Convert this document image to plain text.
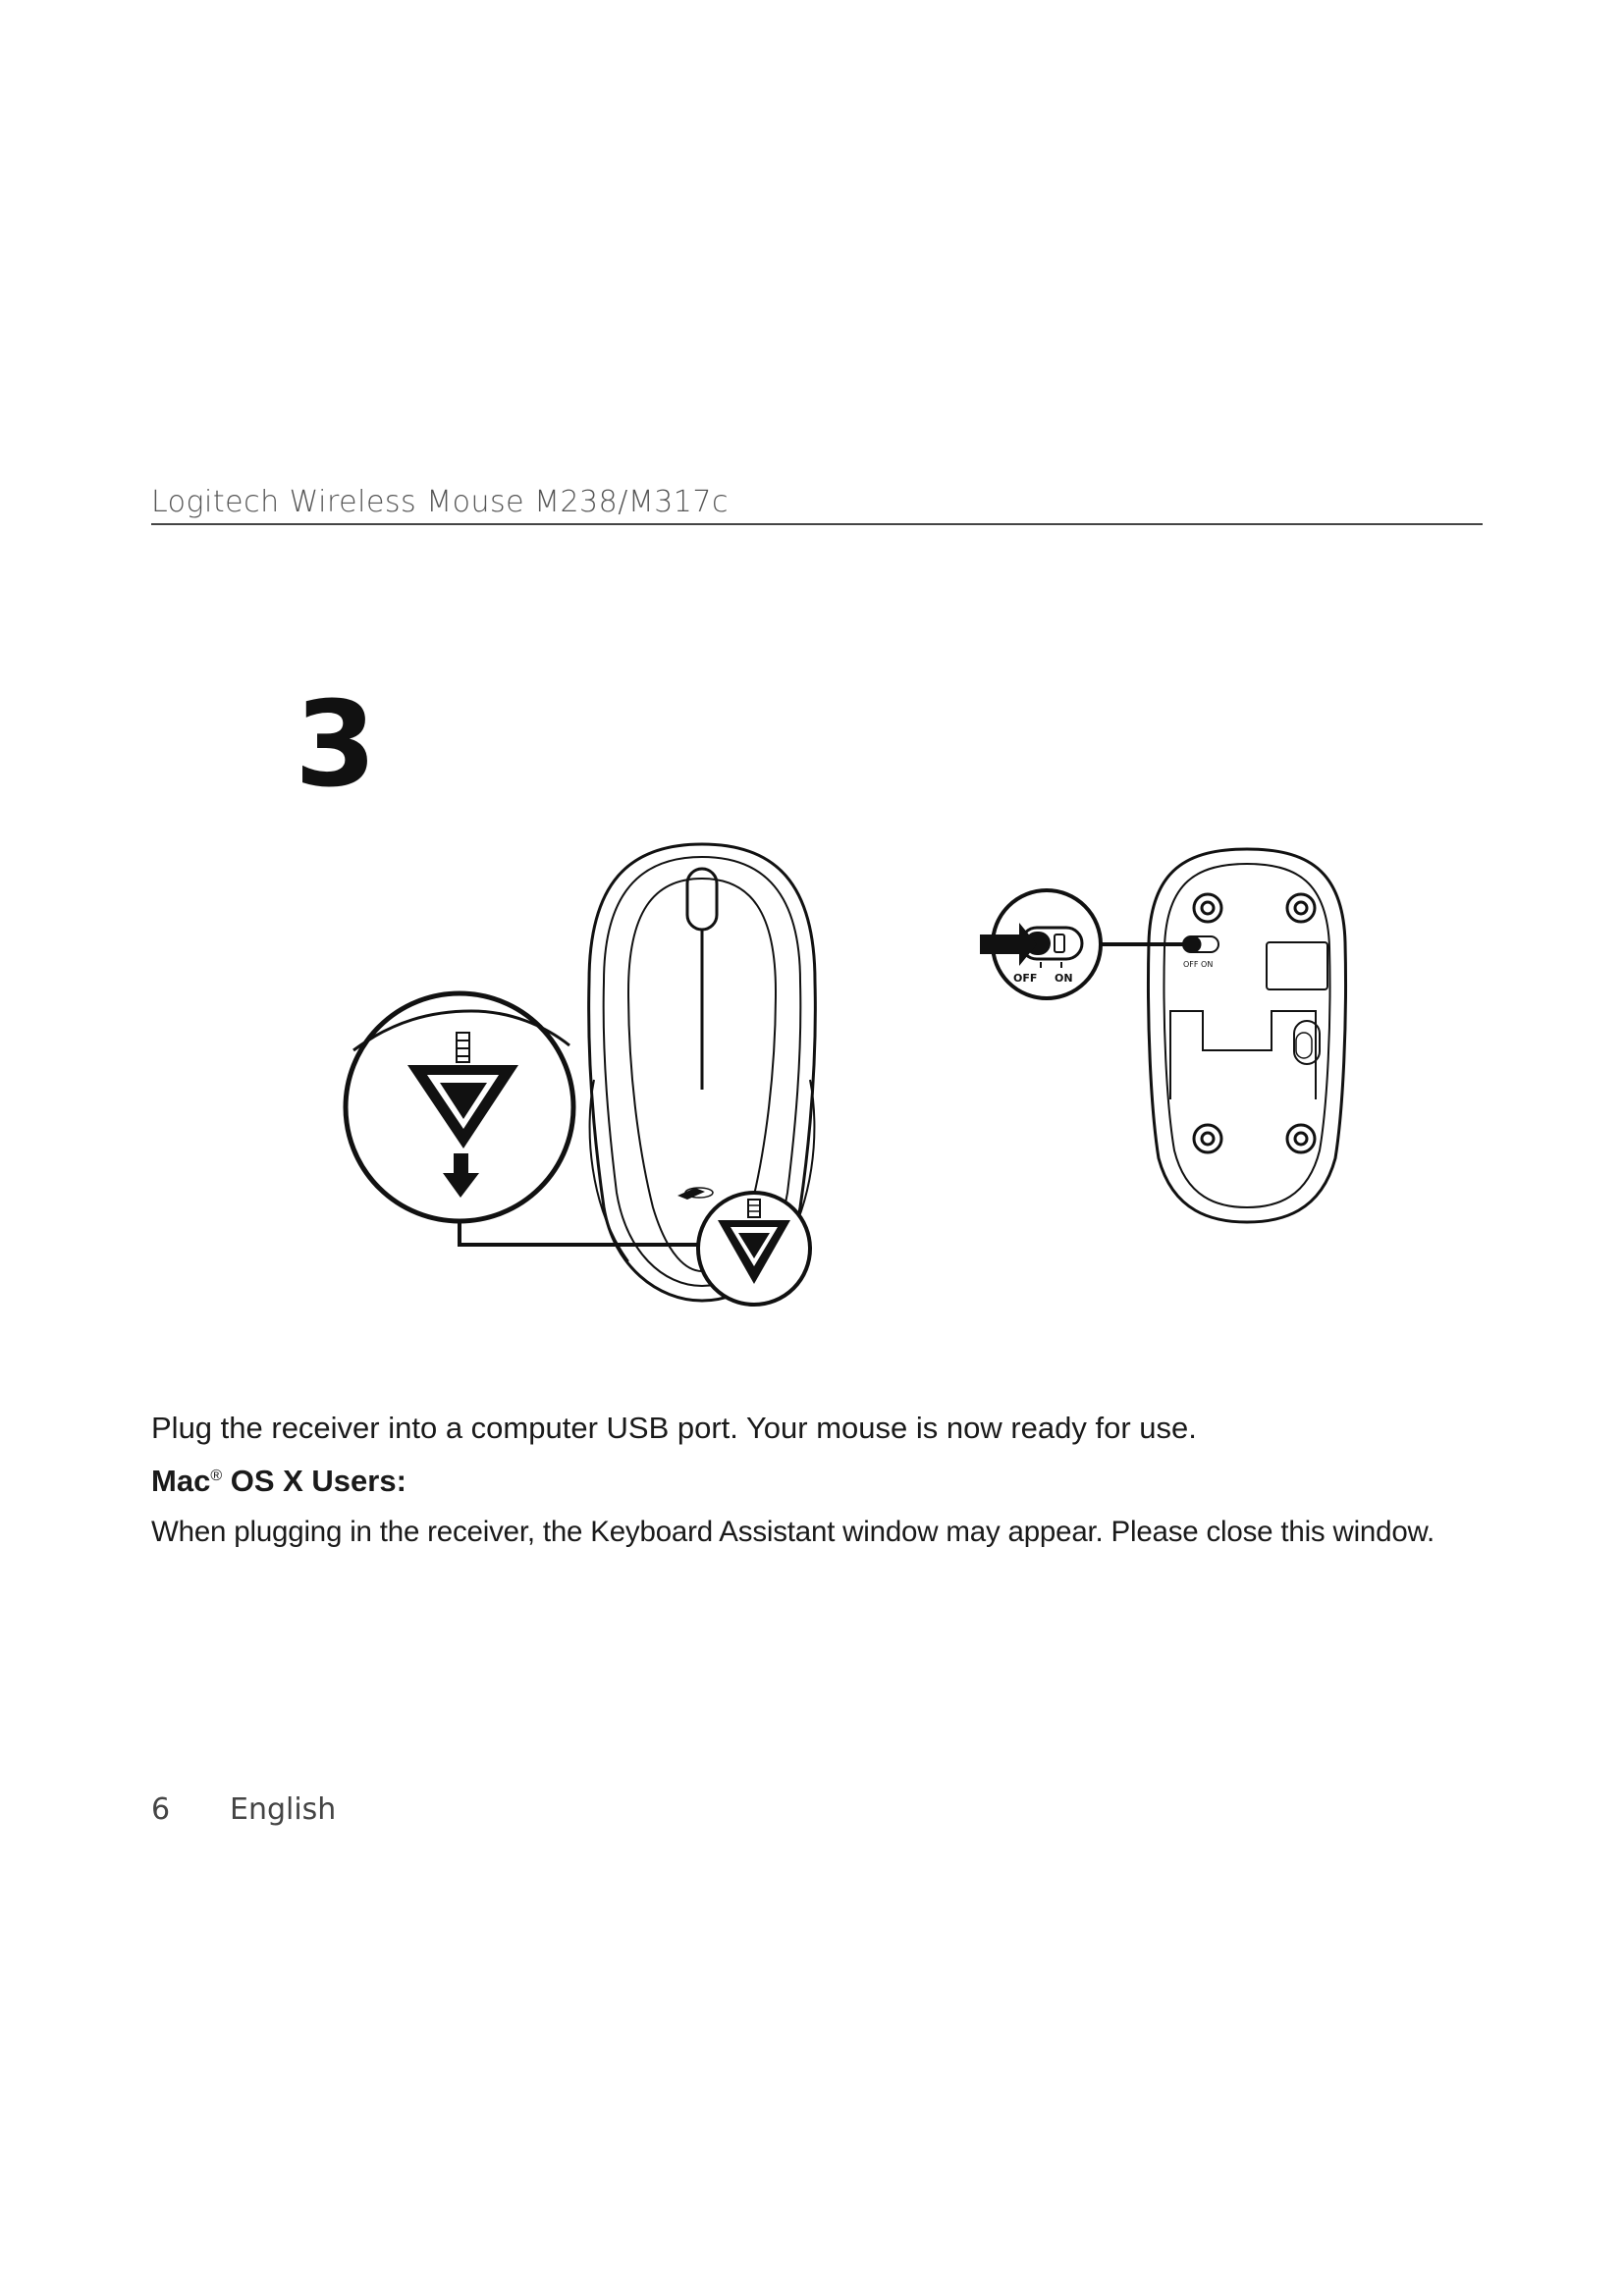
Logitech Wireless Mouse M238/M317c
3
OFF ON
OFF ON
Plug the receiver into a computer USB port. Your mouse is now ready for use.
Mac® OS X Users:
When plugging in the receiver, the Keyboard Assistant window may appear. Please close this window.
6 English
